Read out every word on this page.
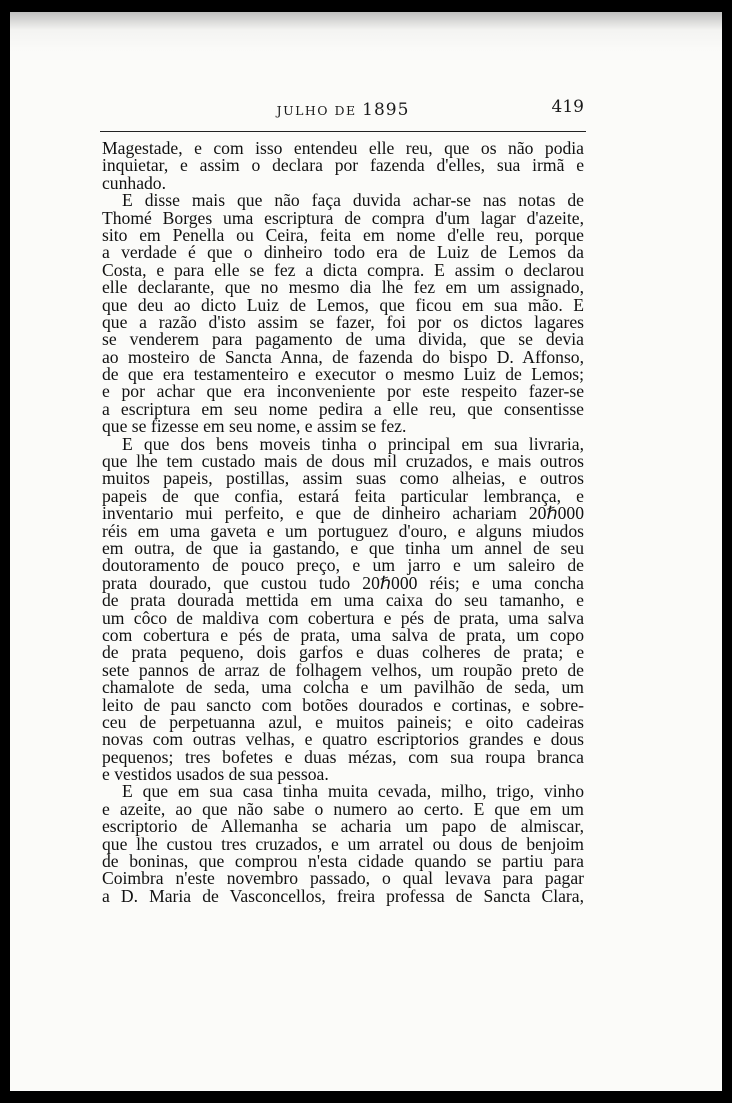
JULHO DE 1895	419
Magestade, e com isso entendeu elle reu, que os não podia
inquietar, e assim o declara por fazenda d'elles, sua irmã e
cunhado.
E disse mais que não faça duvida achar-se nas notas de
Thomé Borges uma escriptura de compra d'um lagar d'azeite,
sito em Penella ou Ceira, feita em nome d'elle reu, porque
a verdade é que o dinheiro todo era de Luiz de Lemos da
Costa, e para elle se fez a dicta compra. E assim o declarou
elle declarante, que no mesmo dia lhe fez em um assignado,
que deu ao dicto Luiz de Lemos, que ficou em sua mão. E
que a razão d'isto assim se fazer, foi por os dictos lagares
se venderem para pagamento de uma divida, que se devia
ao mosteiro de Sancta Anna, de fazenda do bispo D. Affonso,
de que era testamenteiro e executor o mesmo Luiz de Lemos;
e por achar que era inconveniente por este respeito fazer-se
a escriptura em seu nome pedira a elle reu, que consentisse
que se fizesse em seu nome, e assim se fez.
E que dos bens moveis tinha o principal em sua livraria,
que lhe tem custado mais de dous mil cruzados, e mais outros
muitos papeis, postillas, assim suas como alheias, e outros
papeis de que confia, estará feita particular lembrança, e
inventario mui perfeito, e que de dinheiro achariam 20ℏ000
réis em uma gaveta e um portuguez d'ouro, e alguns miudos
em outra, de que ia gastando, e que tinha um annel de seu
doutoramento de pouco preço, e um jarro e um saleiro de
prata dourado, que custou tudo 20ℏ000 réis; e uma concha
de prata dourada mettida em uma caixa do seu tamanho, e
um côco de maldiva com cobertura e pés de prata, uma salva
com cobertura e pés de prata, uma salva de prata, um copo
de prata pequeno, dois garfos e duas colheres de prata; e
sete pannos de arraz de folhagem velhos, um roupão preto de
chamalote de seda, uma colcha e um pavilhão de seda, um
leito de pau sancto com botões dourados e cortinas, e sobre-
ceu de perpetuanna azul, e muitos paineis; e oito cadeiras
novas com outras velhas, e quatro escriptorios grandes e dous
pequenos; tres bofetes e duas mézas, com sua roupa branca
e vestidos usados de sua pessoa.
E que em sua casa tinha muita cevada, milho, trigo, vinho
e azeite, ao que não sabe o numero ao certo. E que em um
escriptorio de Allemanha se acharia um papo de almiscar,
que lhe custou tres cruzados, e um arratel ou dous de benjoim
de boninas, que comprou n'esta cidade quando se partiu para
Coimbra n'este novembro passado, o qual levava para pagar
a D. Maria de Vasconcellos, freira professa de Sancta Clara,
